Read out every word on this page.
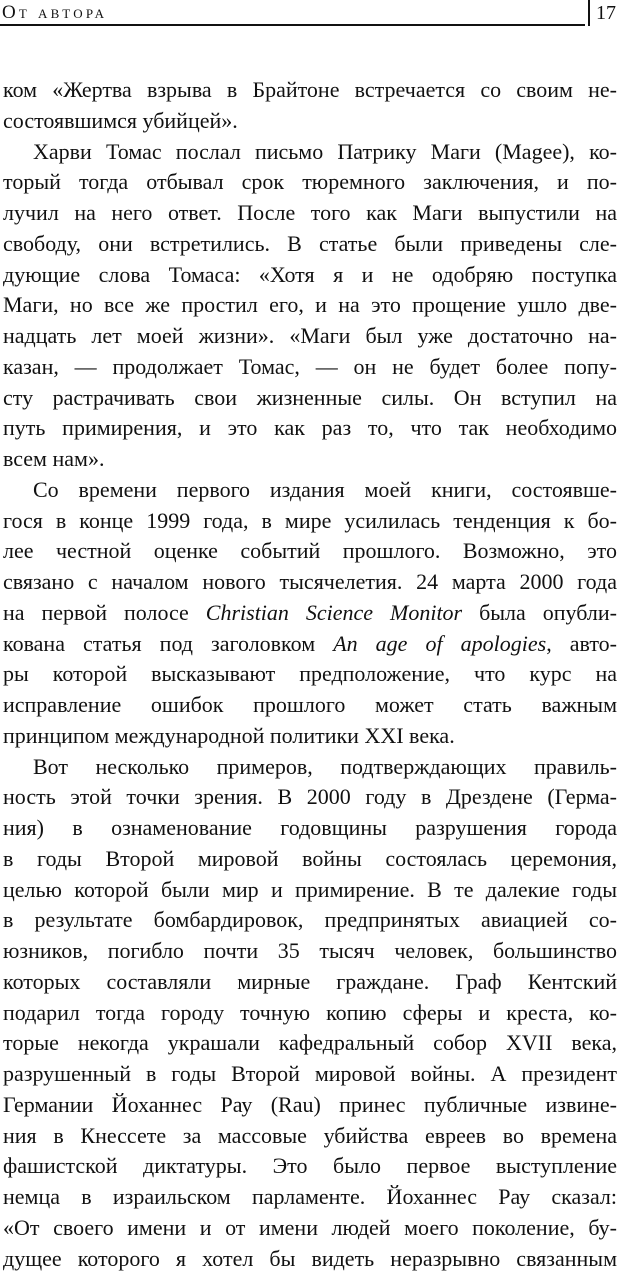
От автора	17
ком «Жертва взрыва в Брайтоне встречается со своим не-
состоявшимся убийцей».
Харви Томас послал письмо Патрику Маги (Magee), ко-
торый тогда отбывал срок тюремного заключения, и по-
лучил на него ответ. После того как Маги выпустили на
свободу, они встретились. В статье были приведены сле-
дующие слова Томаса: «Хотя я и не одобряю поступка
Маги, но все же простил его, и на это прощение ушло две-
надцать лет моей жизни». «Маги был уже достаточно на-
казан, — продолжает Томас, — он не будет более попу-
сту растрачивать свои жизненные силы. Он вступил на
путь примирения, и это как раз то, что так необходимо
всем нам».
Со времени первого издания моей книги, состоявше-
гося в конце 1999 года, в мире усилилась тенденция к бо-
лее честной оценке событий прошлого. Возможно, это
связано с началом нового тысячелетия. 24 марта 2000 года
на первой полосе Christian Science Monitor была опубли-
кована статья под заголовком An age of apologies, авто-
ры которой высказывают предположение, что курс на
исправление ошибок прошлого может стать важным
принципом международной политики XXI века.
Вот несколько примеров, подтверждающих правиль-
ность этой точки зрения. В 2000 году в Дрездене (Герма-
ния) в ознаменование годовщины разрушения города
в годы Второй мировой войны состоялась церемония,
целью которой были мир и примирение. В те далекие годы
в результате бомбардировок, предпринятых авиацией со-
юзников, погибло почти 35 тысяч человек, большинство
которых составляли мирные граждане. Граф Кентский
подарил тогда городу точную копию сферы и креста, ко-
торые некогда украшали кафедральный собор XVII века,
разрушенный в годы Второй мировой войны. А президент
Германии Йоханнес Рау (Rau) принес публичные извине-
ния в Кнессете за массовые убийства евреев во времена
фашистской диктатуры. Это было первое выступление
немца в израильском парламенте. Йоханнес Рау сказал:
«От своего имени и от имени людей моего поколение, бу-
дущее которого я хотел бы видеть неразрывно связанным
